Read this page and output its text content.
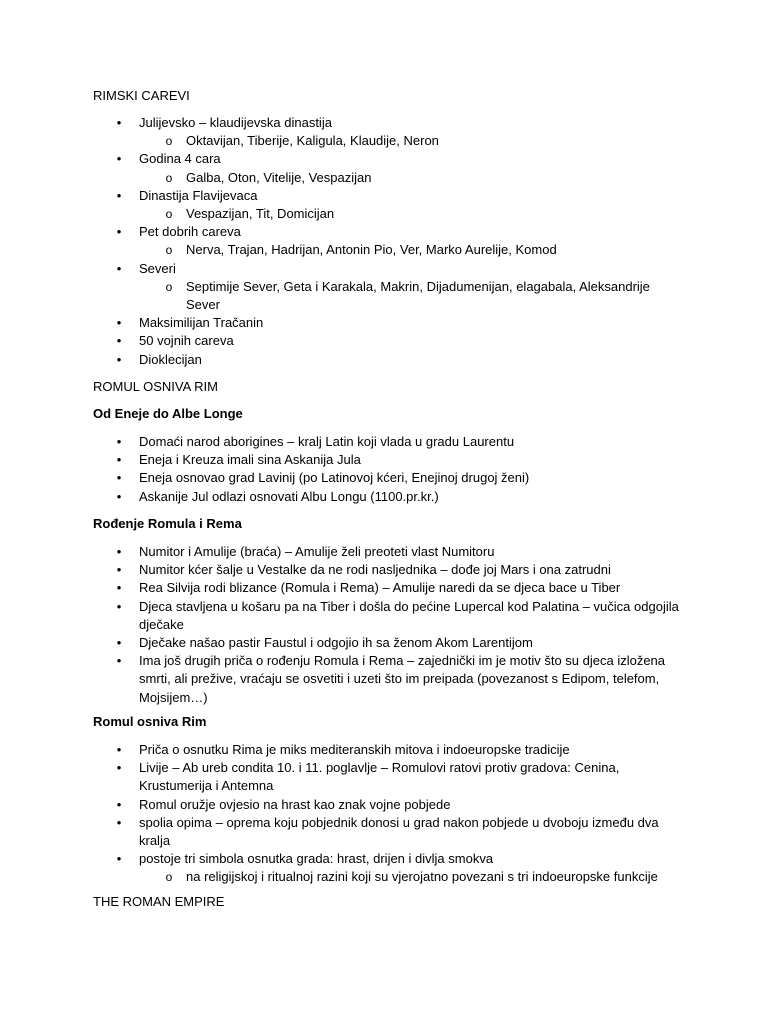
RIMSKI CAREVI
• Julijevsko – klaudijevska dinastija
o Oktavijan, Tiberije, Kaligula, Klaudije, Neron
• Godina 4 cara
o Galba, Oton, Vitelije, Vespazijan
• Dinastija Flavijevaca
o Vespazijan, Tit, Domicijan
• Pet dobrih careva
o Nerva, Trajan, Hadrijan, Antonin Pio, Ver, Marko Aurelije, Komod
• Severi
o Septimije Sever, Geta i Karakala, Makrin, Dijadumenijan, elagabala, Aleksandrije Sever
• Maksimilijan Tračanin
• 50 vojnih careva
• Dioklecijan
ROMUL OSNIVA RIM
Od Eneje do Albe Longe
• Domaći narod aborigines – kralj Latin koji vlada u gradu Laurentu
• Eneja i Kreuza imali sina Askanija Jula
• Eneja osnovao grad Lavinij (po Latinovoj kćeri, Enejinoj drugoj ženi)
• Askanije Jul odlazi osnovati Albu Longu (1100.pr.kr.)
Rođenje Romula i Rema
• Numitor i Amulije (braća) – Amulije želi preoteti vlast Numitoru
• Numitor kćer šalje u Vestalke da ne rodi nasljednika – dođe joj Mars i ona zatrudni
• Rea Silvija rodi blizance (Romula i Rema) – Amulije naredi da se djeca bace u Tiber
• Djeca stavljena u košaru pa na Tiber i došla do pećine Lupercal kod Palatina – vučica odgojila dječake
• Dječake našao pastir Faustul i odgojio ih sa ženom Akom Larentijom
• Ima još drugih priča o rođenju Romula i Rema – zajednički im je motiv što su djeca izložena smrti, ali prežive, vraćaju se osvetiti i uzeti što im preipada (povezanost s Edipom, telefom, Mojsijem…)
Romul osniva Rim
• Priča o osnutku Rima je miks mediteranskih mitova i indoeuropske tradicije
• Livije – Ab ureb condita 10. i 11. poglavlje – Romulovi ratovi protiv gradova: Cenina, Krustumerija i Antemna
• Romul oružje ovjesio na hrast kao znak vojne pobjede
• spolia opima – oprema koju pobjednik donosi u grad nakon pobjede u dvoboju između dva kralja
• postoje tri simbola osnutka grada: hrast, drijen i divlja smokva
o na religijskoj i ritualnoj razini koji su vjerojatno povezani s tri indoeuropske funkcije
THE ROMAN EMPIRE
